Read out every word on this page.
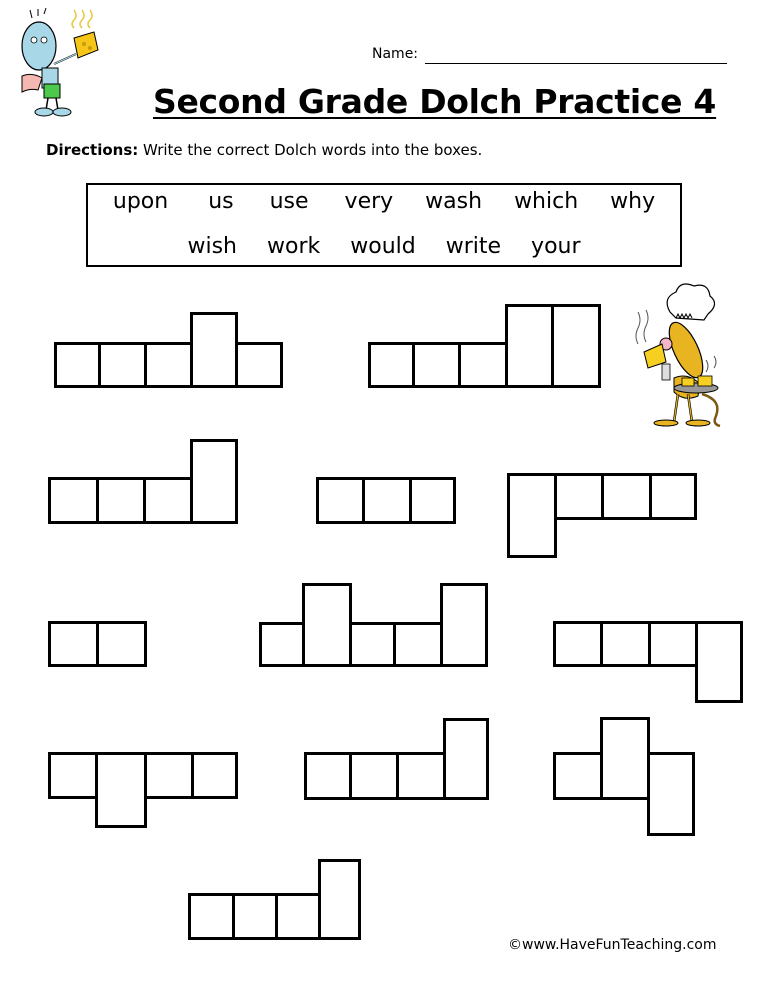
Name:
Second Grade Dolch Practice 4
Directions: Write the correct Dolch words into the boxes.
upon us use very wash which why
wish work would write your
©www.HaveFunTeaching.com
